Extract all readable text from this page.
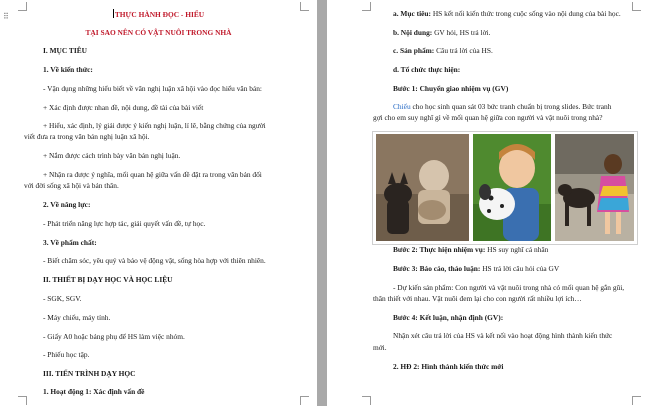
⠿	THỰC HÀNH ĐỌC - HIỂU
TẠI SAO NÊN CÓ VẬT NUÔI TRONG NHÀ
I. MỤC TIÊU
1. Về kiến thức:
- Vận dụng những hiểu biết về văn nghị luận xã hội vào đọc hiểu văn bản:
+ Xác định được nhan đề, nội dung, đề tài của bài viết
+ Hiểu, xác định, lý giải được ý kiến nghị luận, lí lẽ, bằng chứng của người
viết đưa ra trong văn bản nghị luận xã hội.
+ Nắm được cách trình bày văn bản nghị luận.
+ Nhận ra được ý nghĩa, mối quan hệ giữa vấn đề đặt ra trong văn bản đối
với đời sống xã hội và bản thân.
2. Về năng lực:
- Phát triển năng lực hợp tác, giải quyết vấn đề, tự học.
3. Về phẩm chất:
- Biết chăm sóc, yêu quý và bảo vệ động vật, sống hòa hợp với thiên nhiên.
II. THIẾT BỊ DẠY HỌC VÀ HỌC LIỆU
- SGK, SGV.
- Máy chiếu, máy tính.
- Giấy A0 hoặc bảng phụ để HS làm việc nhóm.
- Phiếu học tập.
III. TIẾN TRÌNH DẠY HỌC
1. Hoạt động 1: Xác định vấn đề
a. Mục tiêu: HS kết nối kiến thức trong cuộc sống vào nội dung của bài học.
b. Nội dung: GV hỏi, HS trả lời.
c. Sản phẩm: Câu trả lời của HS.
d. Tổ chức thực hiện:
Bước 1: Chuyển giao nhiệm vụ (GV)
Chiếu cho học sinh quan sát 03 bức tranh chuẩn bị trong slides. Bức tranh
gợi cho em suy nghĩ gì về mối quan hệ giữa con người và vật nuôi trong nhà?
Bước 2: Thực hiện nhiệm vụ: HS suy nghĩ cá nhân
Bước 3: Báo cáo, thảo luận: HS trả lời câu hỏi của GV
- Dự kiến sản phẩm: Con người và vật nuôi trong nhà có mối quan hệ gắn gũi,
thân thiết với nhau. Vật nuôi đem lại cho con người rất nhiều lợi ích…
Bước 4: Kết luận, nhận định (GV):
Nhận xét câu trả lời của HS và kết nối vào hoạt động hình thành kiến thức
mới.
2. HĐ 2: Hình thành kiến thức mới
